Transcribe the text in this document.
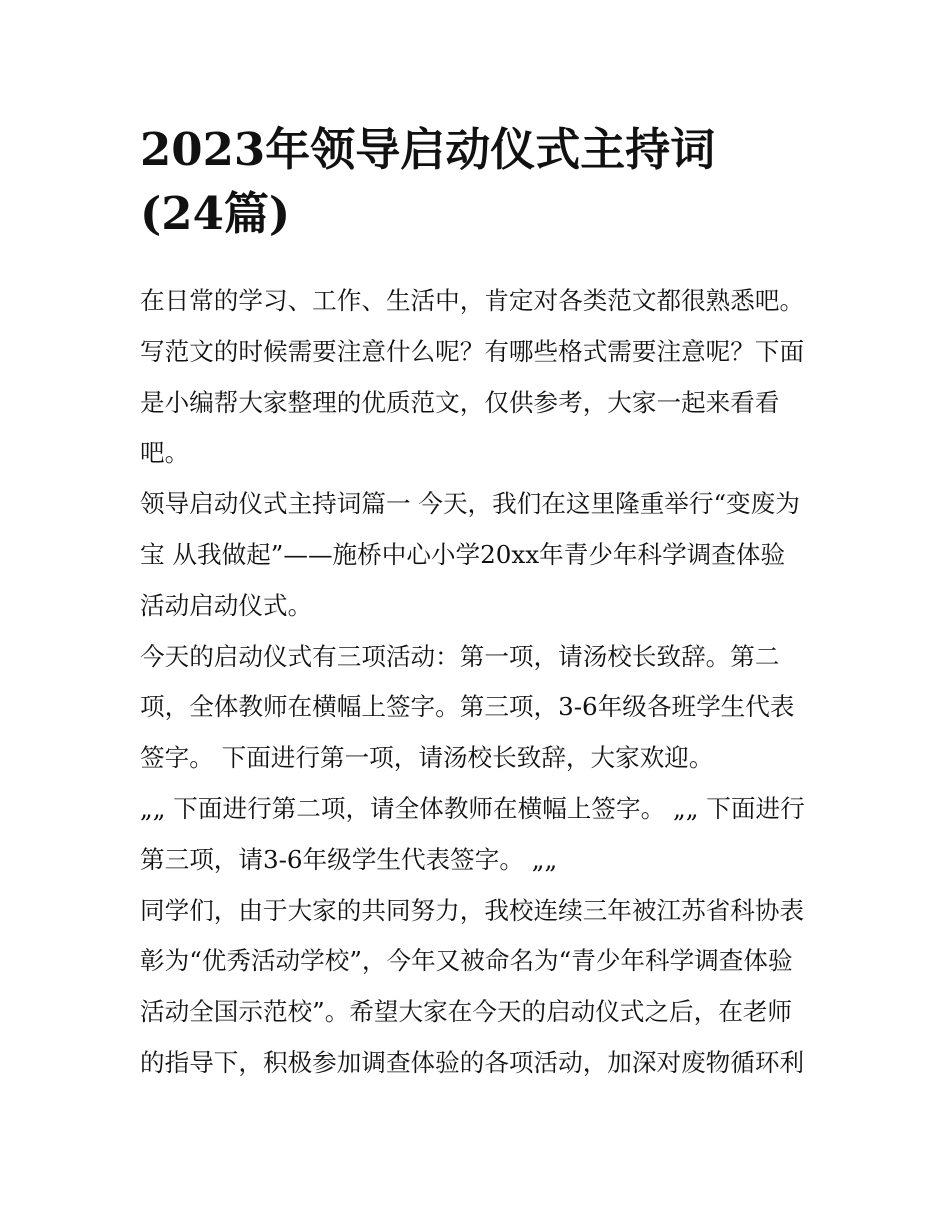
2023年领导启动仪式主持词
(24篇)
在日常的学习、工作、生活中，肯定对各类范文都很熟悉吧。
写范文的时候需要注意什么呢？有哪些格式需要注意呢？下面
是小编帮大家整理的优质范文，仅供参考，大家一起来看看
吧。
领导启动仪式主持词篇一 今天，我们在这里隆重举行“变废为
宝 从我做起”——施桥中心小学20xx年青少年科学调查体验
活动启动仪式。
今天的启动仪式有三项活动：第一项，请汤校长致辞。第二
项，全体教师在横幅上签字。第三项，3-6年级各班学生代表
签字。 下面进行第一项，请汤校长致辞，大家欢迎。
„„ 下面进行第二项，请全体教师在横幅上签字。 „„ 下面进行
第三项，请3-6年级学生代表签字。 „„
同学们，由于大家的共同努力，我校连续三年被江苏省科协表
彰为“优秀活动学校”，今年又被命名为“青少年科学调查体验
活动全国示范校”。希望大家在今天的启动仪式之后，在老师
的指导下，积极参加调查体验的各项活动，加深对废物循环利
